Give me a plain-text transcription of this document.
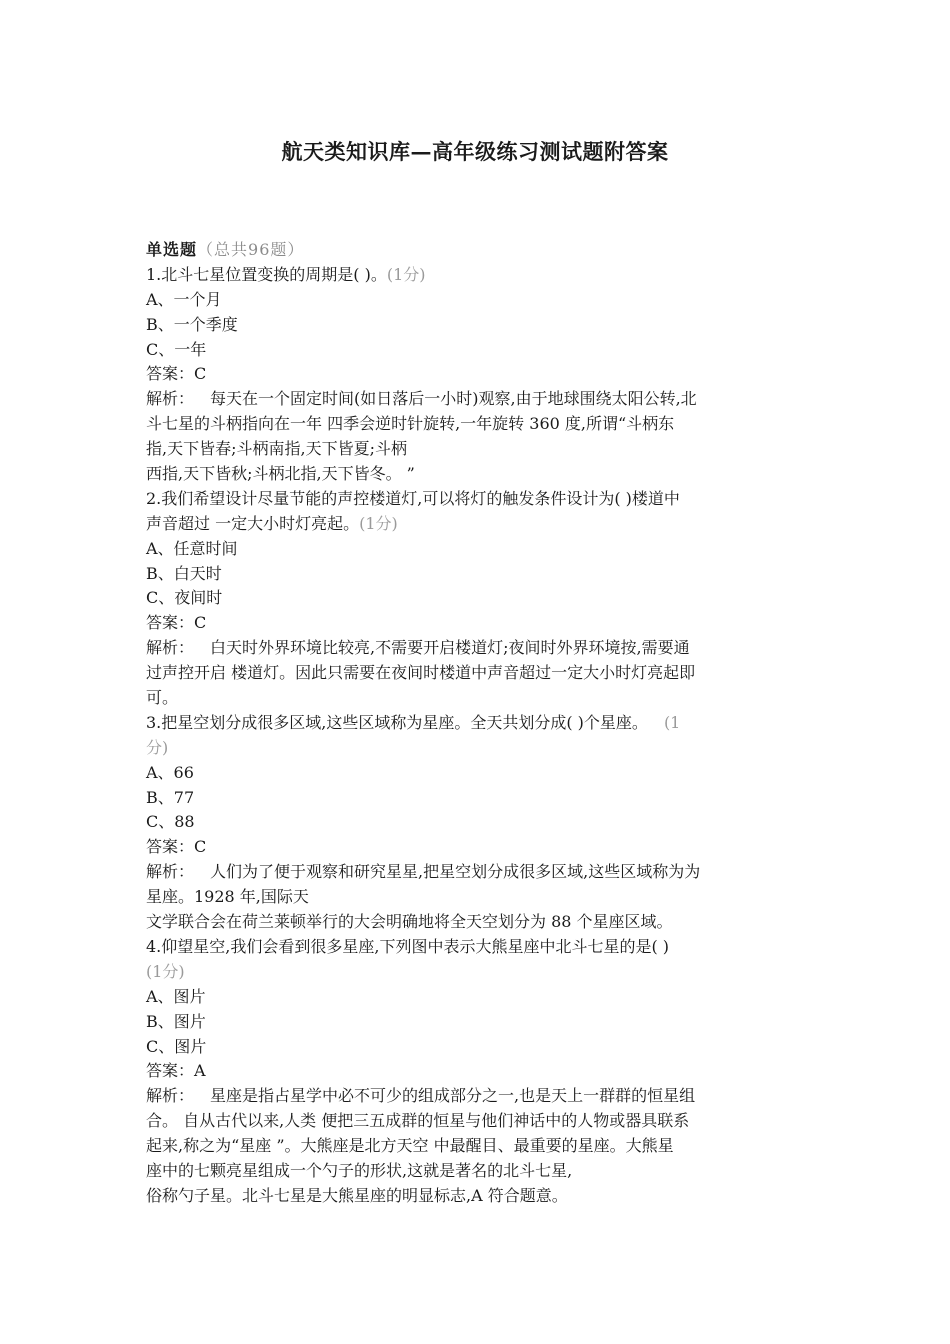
航天类知识库—高年级练习测试题附答案
单选题（总共96题）
1.北斗七星位置变换的周期是( )。(1分)
A、一个月
B、一个季度
C、一年
答案：C
解析： 每天在一个固定时间(如日落后一小时)观察,由于地球围绕太阳公转,北
斗七星的斗柄指向在一年 四季会逆时针旋转,一年旋转 360 度,所谓“斗柄东
指,天下皆春;斗柄南指,天下皆夏;斗柄
西指,天下皆秋;斗柄北指,天下皆冬。 ”
2.我们希望设计尽量节能的声控楼道灯,可以将灯的触发条件设计为( )楼道中
声音超过 一定大小时灯亮起。(1分)
A、任意时间
B、白天时
C、夜间时
答案：C
解析： 白天时外界环境比较亮,不需要开启楼道灯;夜间时外界环境按,需要通
过声控开启 楼道灯。因此只需要在夜间时楼道中声音超过一定大小时灯亮起即
可。
3.把星空划分成很多区域,这些区域称为星座。全天共划分成( )个星座。 (1
分)
A、66
B、77
C、88
答案：C
解析： 人们为了便于观察和研究星星,把星空划分成很多区域,这些区域称为为
星座。1928 年,国际天
文学联合会在荷兰莱顿举行的大会明确地将全天空划分为 88 个星座区域。
4.仰望星空,我们会看到很多星座,下列图中表示大熊星座中北斗七星的是( )
(1分)
A、图片
B、图片
C、图片
答案：A
解析： 星座是指占星学中必不可少的组成部分之一,也是天上一群群的恒星组
合。 自从古代以来,人类 便把三五成群的恒星与他们神话中的人物或器具联系
起来,称之为“星座 ”。大熊座是北方天空 中最醒目、最重要的星座。大熊星
座中的七颗亮星组成一个勺子的形状,这就是著名的北斗七星,
俗称勺子星。北斗七星是大熊星座的明显标志,A 符合题意。
